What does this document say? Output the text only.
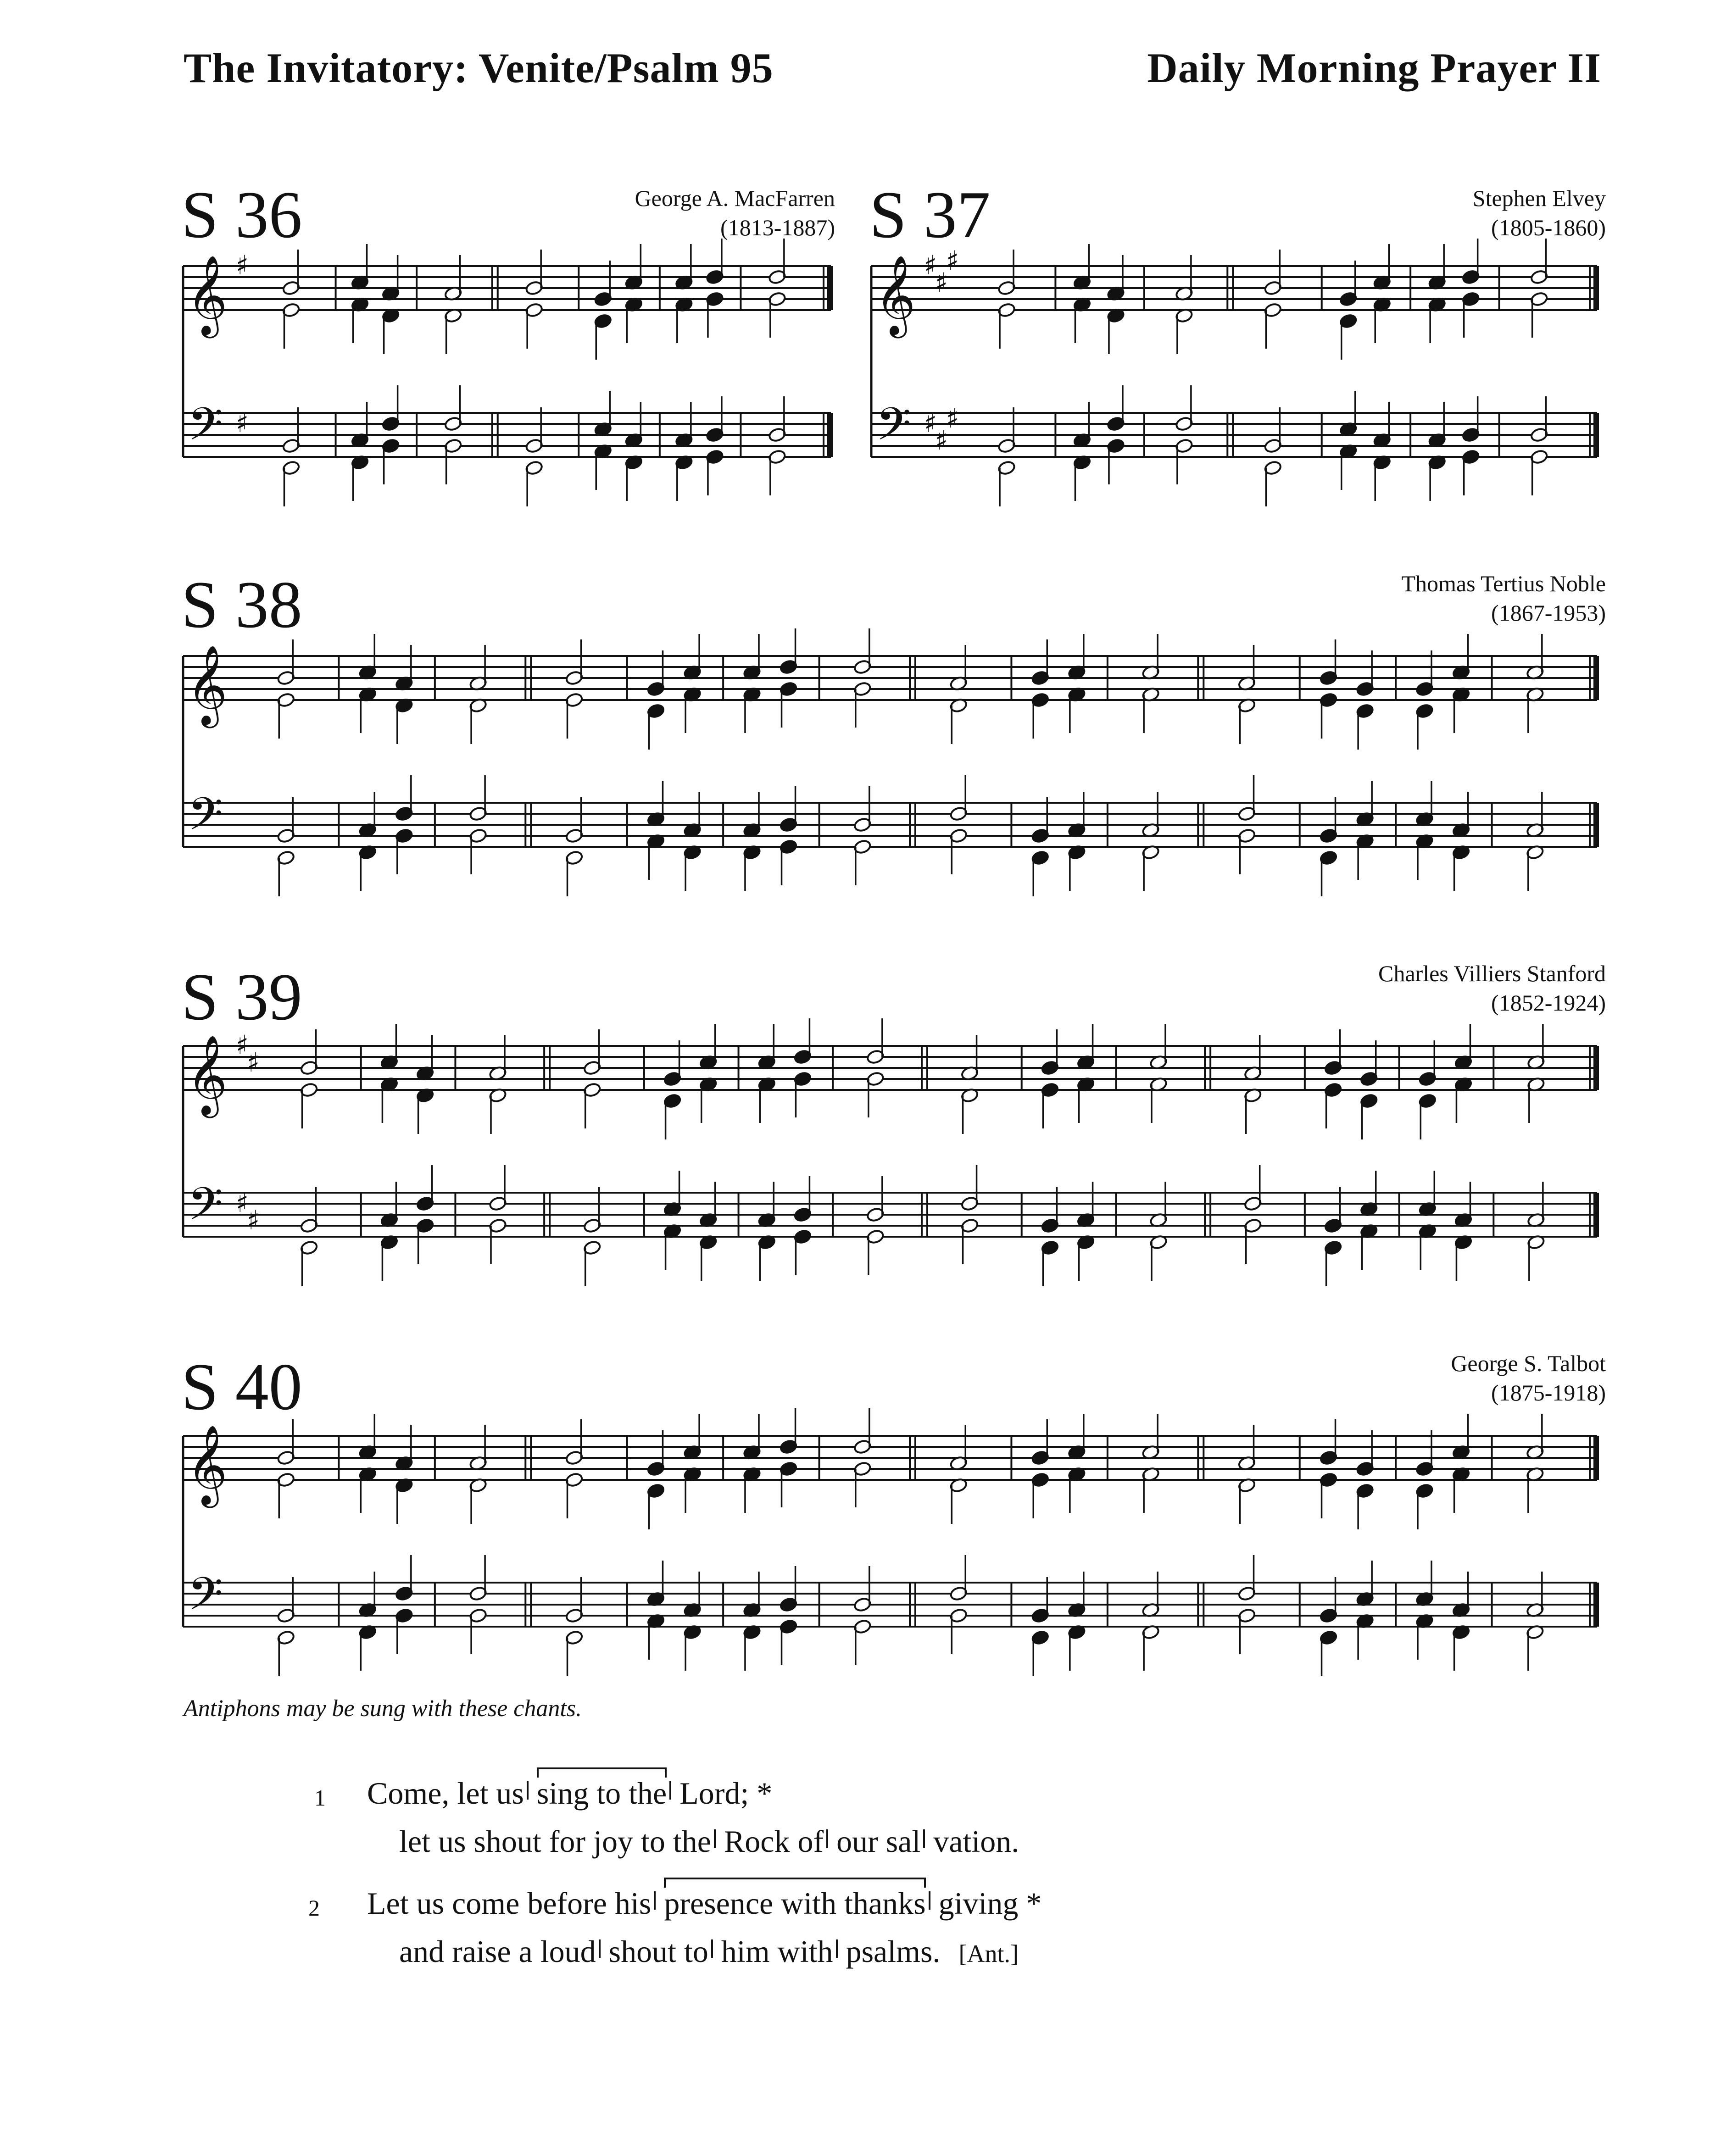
The Invitatory: Venite/Psalm 95	Daily Morning Prayer II
S 36	George A. MacFarren
(1813-1887)
𝄞
𝄢
♯
♯
S 37	Stephen Elvey
(1805-1860)
𝄞
𝄢
♯
♯
♯
♯
♯
♯
S 38	Thomas Tertius Noble
(1867-1953)
𝄞
𝄢
S 39	Charles Villiers Stanford
(1852-1924)
𝄞
𝄢
♯
♯
♯
♯
S 40	George S. Talbot
(1875-1918)
𝄞
𝄢
Antiphons may be sung with these chants.
1 Come, let us sing to the Lord; *
let us shout for joy to the Rock of our sal vation.
2 Let us come before his presence with thanks giving *
and raise a loud shout to him with psalms. [Ant.]
